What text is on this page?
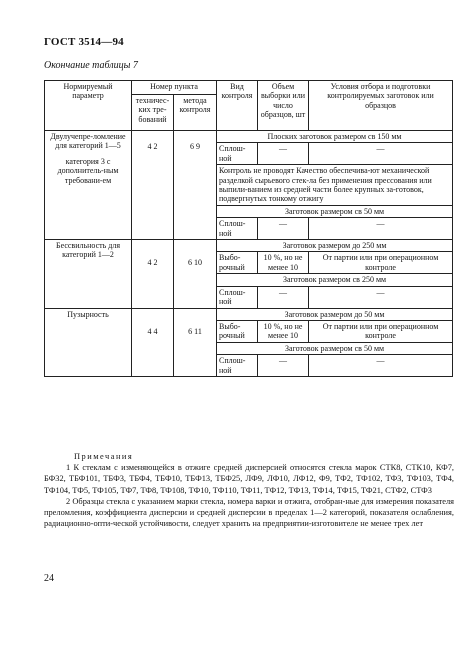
ГОСТ 3514—94
Окончание таблицы 7
Нормируемый параметр	Номер пункта		Вид контроля	Объем выборки или число образцов, шт	Условия отбора и подготовки контролируемых заготовок или образцов
	техничес-ких тре-бований	метода контроля			

Двулучепре-ломление для категорий 1—5
категория 3 с дополнитель-ным требовани-ем	4 2	6 9	Плоских заготовок размером св 150 мм		
			Сплош-ной	—	—
			Контроль не проводят Качество обеспечива-ют механической разделкой сырьевого стек-ла без применения прессования или выпили-ванием из средней части более крупных за-готовок, подвергнутых тонкому отжигу		
			Заготовок размером св 50 мм		
			Сплош-ной	—	—
Бессвильность для категорий 1—2	4 2	6 10	Заготовок размером до 250 мм		
			Выбо-рочный	10 %, но не менее 10	От партии или при операционном контроле
			Заготовок размером св 250 мм		
			Сплош-ной	—	—
Пузырность	4 4	6 11	Заготовок размером до 50 мм		
			Выбо-рочный	10 %, но не менее 10	От партии или при операционном контроле
			Заготовок размером св 50 мм		
			Сплош-ной	—	—

Примечания

1 К стеклам с изменяющейся в отжиге средней дисперсией относятся стекла марок СТК8, СТК10, КФ7, БФ32, ТБФ101, ТБФ3, ТБФ4, ТБФ10, ТБФ13, ТБФ25, ЛФ9, ЛФ10, ЛФ12, Ф9, ТФ2, ТФ102, ТФ3, ТФ103, ТФ4, ТФ104, ТФ5, ТФ105, ТФ7, ТФ8, ТФ108, ТФ10, ТФ110, ТФ11, ТФ12, ТФ13, ТФ14, ТФ15, ТФ21, СТФ2, СТФ3

2 Образцы стекла с указанием марки стекла, номера варки и отжига, отобран-ные для измерения показателя преломления, коэффициента дисперсии и средней дисперсии в пределах 1—2 категорий, показателя ослабления, радиационно-опти-ческой устойчивости, следует хранить на предприятии-изготовителе не менее трех лет

24
